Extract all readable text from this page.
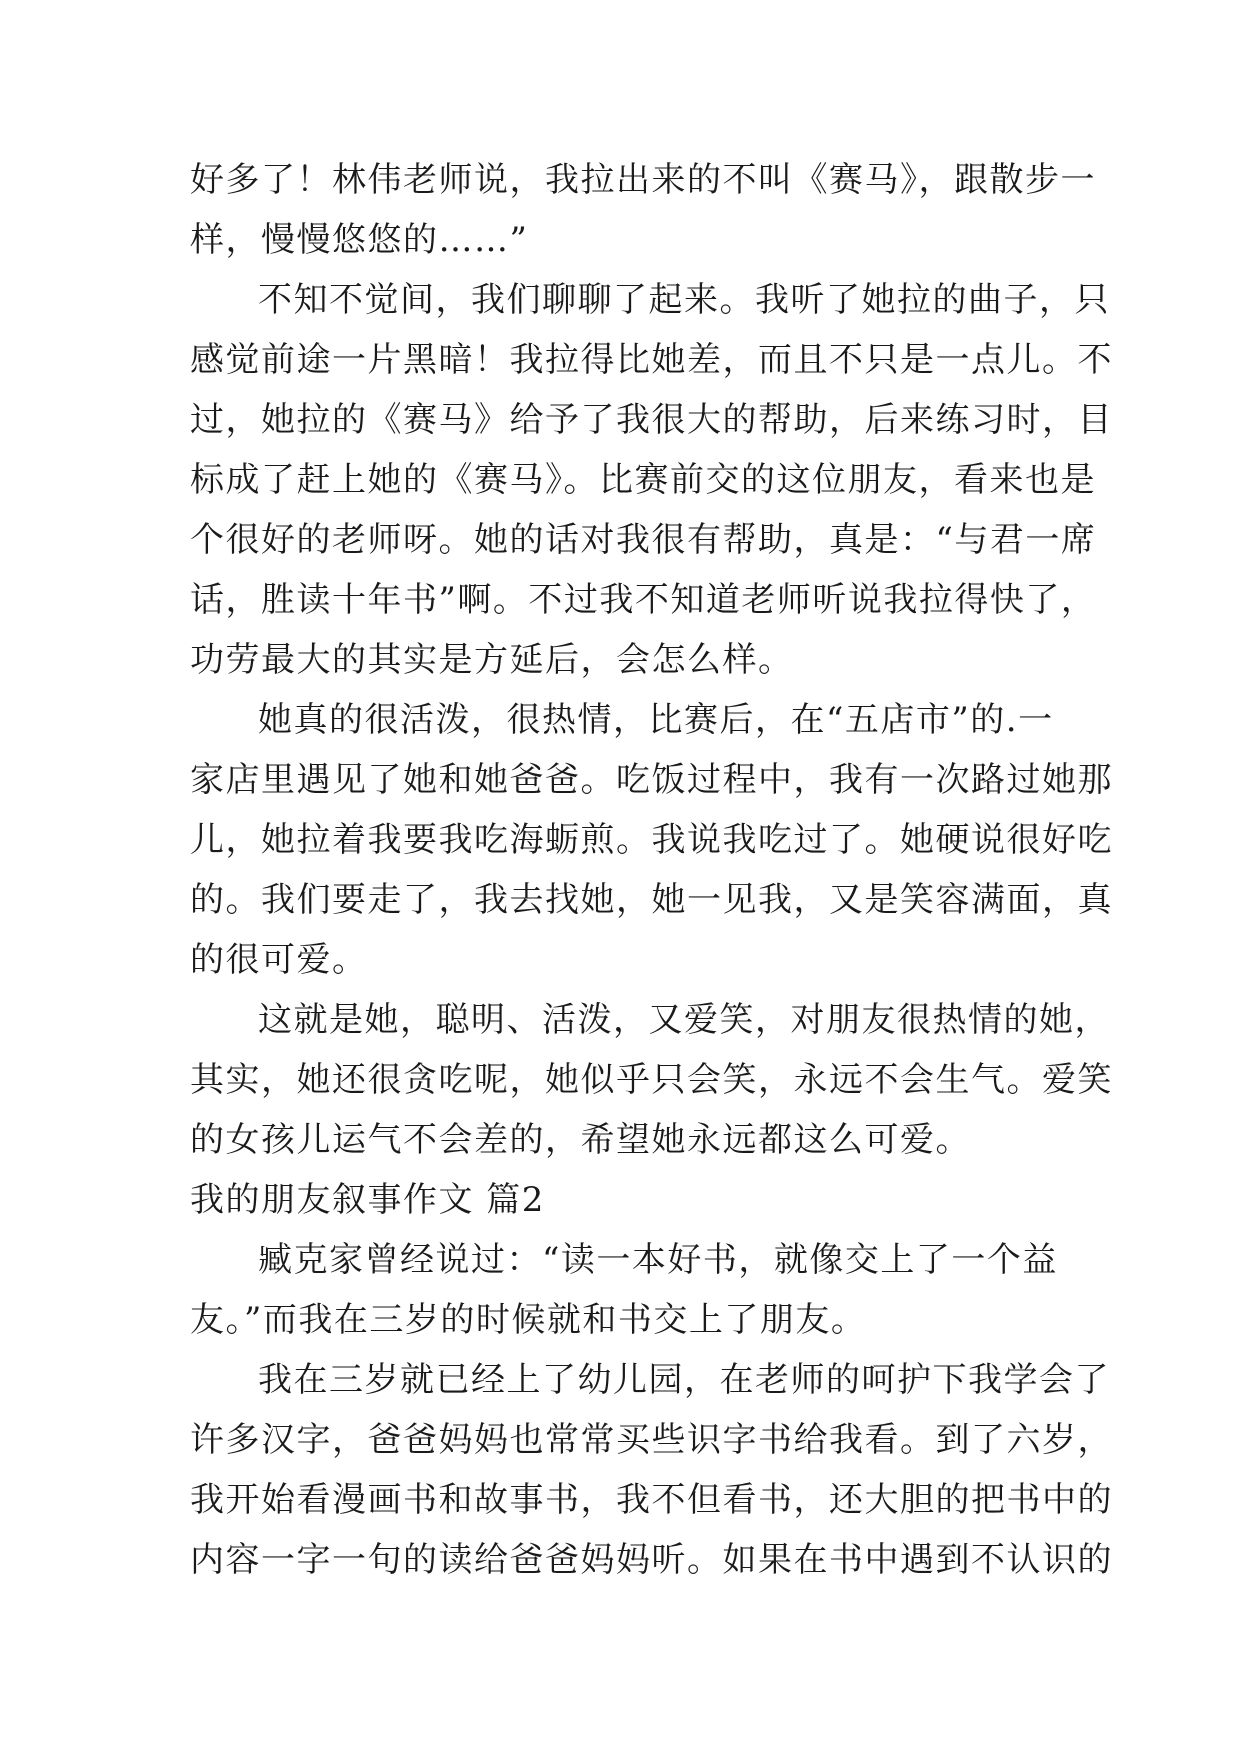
好多了！林伟老师说，我拉出来的不叫《赛马》，跟散步一
样，慢慢悠悠的……”
不知不觉间，我们聊聊了起来。我听了她拉的曲子，只
感觉前途一片黑暗！我拉得比她差，而且不只是一点儿。不
过，她拉的《赛马》给予了我很大的帮助，后来练习时，目
标成了赶上她的《赛马》。比赛前交的这位朋友，看来也是
个很好的老师呀。她的话对我很有帮助，真是：“与君一席
话，胜读十年书”啊。不过我不知道老师听说我拉得快了，
功劳最大的其实是方延后，会怎么样。
她真的很活泼，很热情，比赛后，在“五店市”的.一
家店里遇见了她和她爸爸。吃饭过程中，我有一次路过她那
儿，她拉着我要我吃海蛎煎。我说我吃过了。她硬说很好吃
的。我们要走了，我去找她，她一见我，又是笑容满面，真
的很可爱。
这就是她，聪明、活泼，又爱笑，对朋友很热情的她，
其实，她还很贪吃呢，她似乎只会笑，永远不会生气。爱笑
的女孩儿运气不会差的，希望她永远都这么可爱。
我的朋友叙事作文 篇2
臧克家曾经说过：“读一本好书，就像交上了一个益
友。”而我在三岁的时候就和书交上了朋友。
我在三岁就已经上了幼儿园，在老师的呵护下我学会了
许多汉字，爸爸妈妈也常常买些识字书给我看。到了六岁，
我开始看漫画书和故事书，我不但看书，还大胆的把书中的
内容一字一句的读给爸爸妈妈听。如果在书中遇到不认识的
